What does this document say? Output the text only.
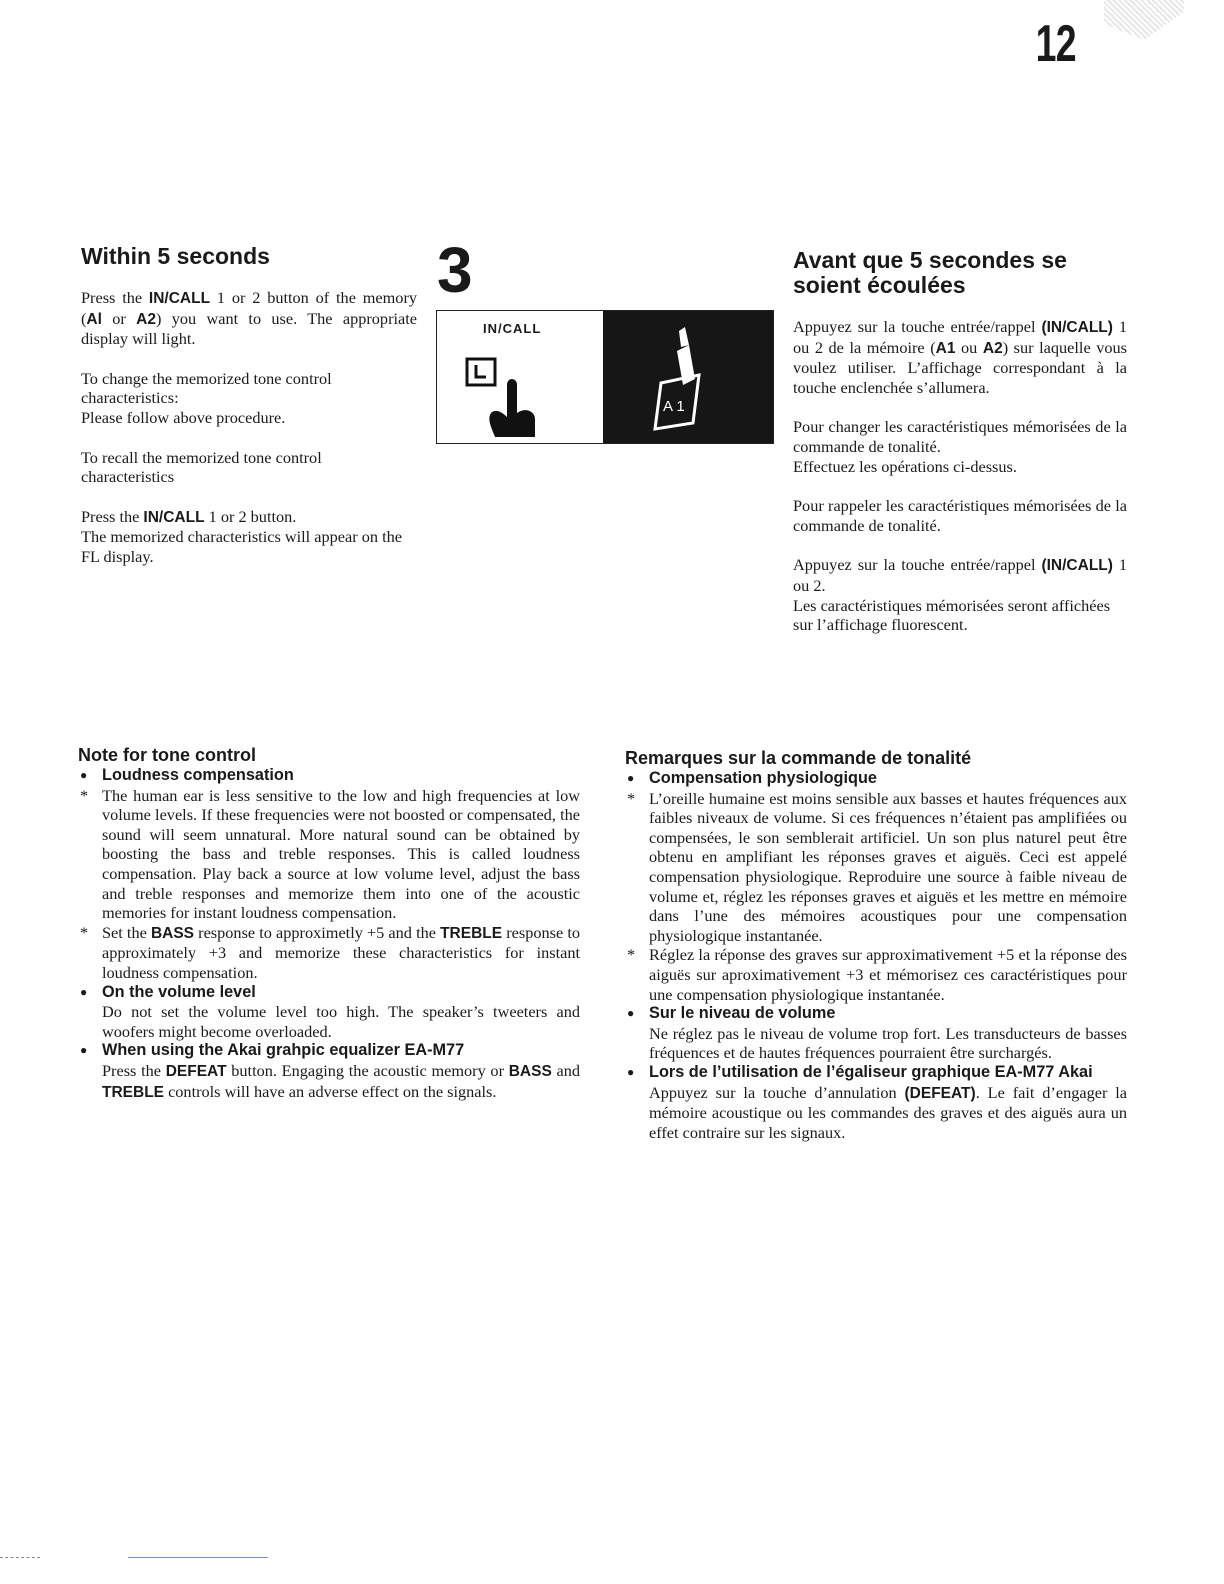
12
Within 5 seconds

Press the IN/CALL 1 or 2 button of the memory (Al or A2) you want to use. The appropriate display will light.

To change the memorized tone control characteristics:

Please follow above procedure.

To recall the memorized tone control characteristics

Press the IN/CALL 1 or 2 button.

The memorized characteristics will appear on the FL display.

3
IN/CALL
A 1
Avant que 5 secondes se soient écoulées

Appuyez sur la touche entrée/rappel (IN/CALL) 1 ou 2 de la mémoire (A1 ou A2) sur laquelle vous voulez utiliser. L’affichage correspondant à la touche enclenchée s’allumera.

Pour changer les caractéristiques mémorisées de la commande de tonalité.

Effectuez les opérations ci-dessus.

Pour rappeler les caractéristiques mémorisées de la commande de tonalité.

Appuyez sur la touche entrée/rappel (IN/CALL) 1 ou 2.

Les caractéristiques mémorisées seront affichées sur l’affichage fluorescent.

Note for tone control
● Loudness compensation
* The human ear is less sensitive to the low and high frequencies at low volume levels. If these frequencies were not boosted or compensated, the sound will seem unnatural. More natural sound can be obtained by boosting the bass and treble responses. This is called loudness compensation. Play back a source at low volume level, adjust the bass and treble responses and memorize them into one of the acoustic memories for instant loudness compensation.
* Set the BASS response to approximetly +5 and the TREBLE response to approximately +3 and memorize these characteristics for instant loudness compensation.
● On the volume level
Do not set the volume level too high. The speaker’s tweeters and woofers might become overloaded.
● When using the Akai grahpic equalizer EA-M77
Press the DEFEAT button. Engaging the acoustic memory or BASS and TREBLE controls will have an adverse effect on the signals.
Remarques sur la commande de tonalité
● Compensation physiologique
* L’oreille humaine est moins sensible aux basses et hautes fréquences aux faibles niveaux de volume. Si ces fréquences n’étaient pas amplifiées ou compensées, le son semblerait artificiel. Un son plus naturel peut être obtenu en amplifiant les réponses graves et aiguës. Ceci est appelé compensation physiologique. Reproduire une source à faible niveau de volume et, réglez les réponses graves et aiguës et les mettre en mémoire dans l’une des mémoires acoustiques pour une compensation physiologique instantanée.
* Réglez la réponse des graves sur approximativement +5 et la réponse des aiguës sur aproximativement +3 et mémorisez ces caractéristiques pour une compensation physiologique instantanée.
● Sur le niveau de volume
Ne réglez pas le niveau de volume trop fort. Les transducteurs de basses fréquences et de hautes fréquences pourraient être surchargés.
● Lors de l’utilisation de l’égaliseur graphique EA-M77 Akai
Appuyez sur la touche d’annulation (DEFEAT). Le fait d’engager la mémoire acoustique ou les commandes des graves et des aiguës aura un effet contraire sur les signaux.
